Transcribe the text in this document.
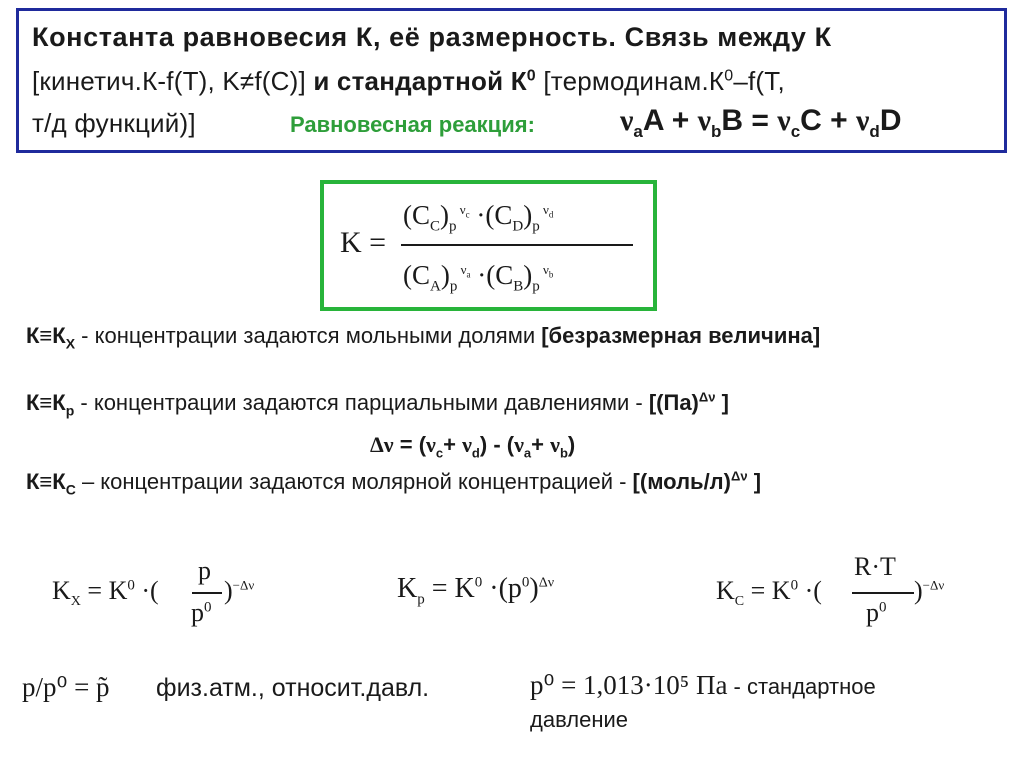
Константа равновесия К, её размерность. Связь между К
[кинетич.К-f(T), K≠f(C)] и стандартной $К^0$ [$термодинам.К^0-f(T$,
т/д функций)]	Равновесная реакция:	$\nu_aA + \nu_bB = \nu_cC + \nu_dD$
K =
$(C_C)_p$ $^{\nu_c} \cdot(C_D)_p$ $^{\nu_d}$
$(C_A)_p$ $^{\nu_a} \cdot(C_B)_p$ $^{\nu_b}$
$К\equiv К_X$ - концентрации задаются мольными долями [безразмерная величина]
$К\equiv К_p$ - концентрации задаются парциальными давлениями - [(Па)$^{\Delta\nu}$ ]
$\Delta\nu = (\nu_c+ \nu_d) - (\nu_a+ \nu_b)$
$К\equiv К_C$ – концентрации задаются молярной концентрацией - [(моль/л)$^{\Delta\nu}$ ]
$K_X = K^0$ ·(
p
$p^0$
)$^{-\Delta\nu}$	$K_p = K^0 \cdot(p^0)^{\Delta\nu}$	$K_C = K^0$ ·(
R·T
$p^0$
)$^{-\Delta\nu}$
p/p⁰ = p̃ физ.атм., относит.давл.	p⁰ = 1,013·10⁵ Па - стандартное
давление
